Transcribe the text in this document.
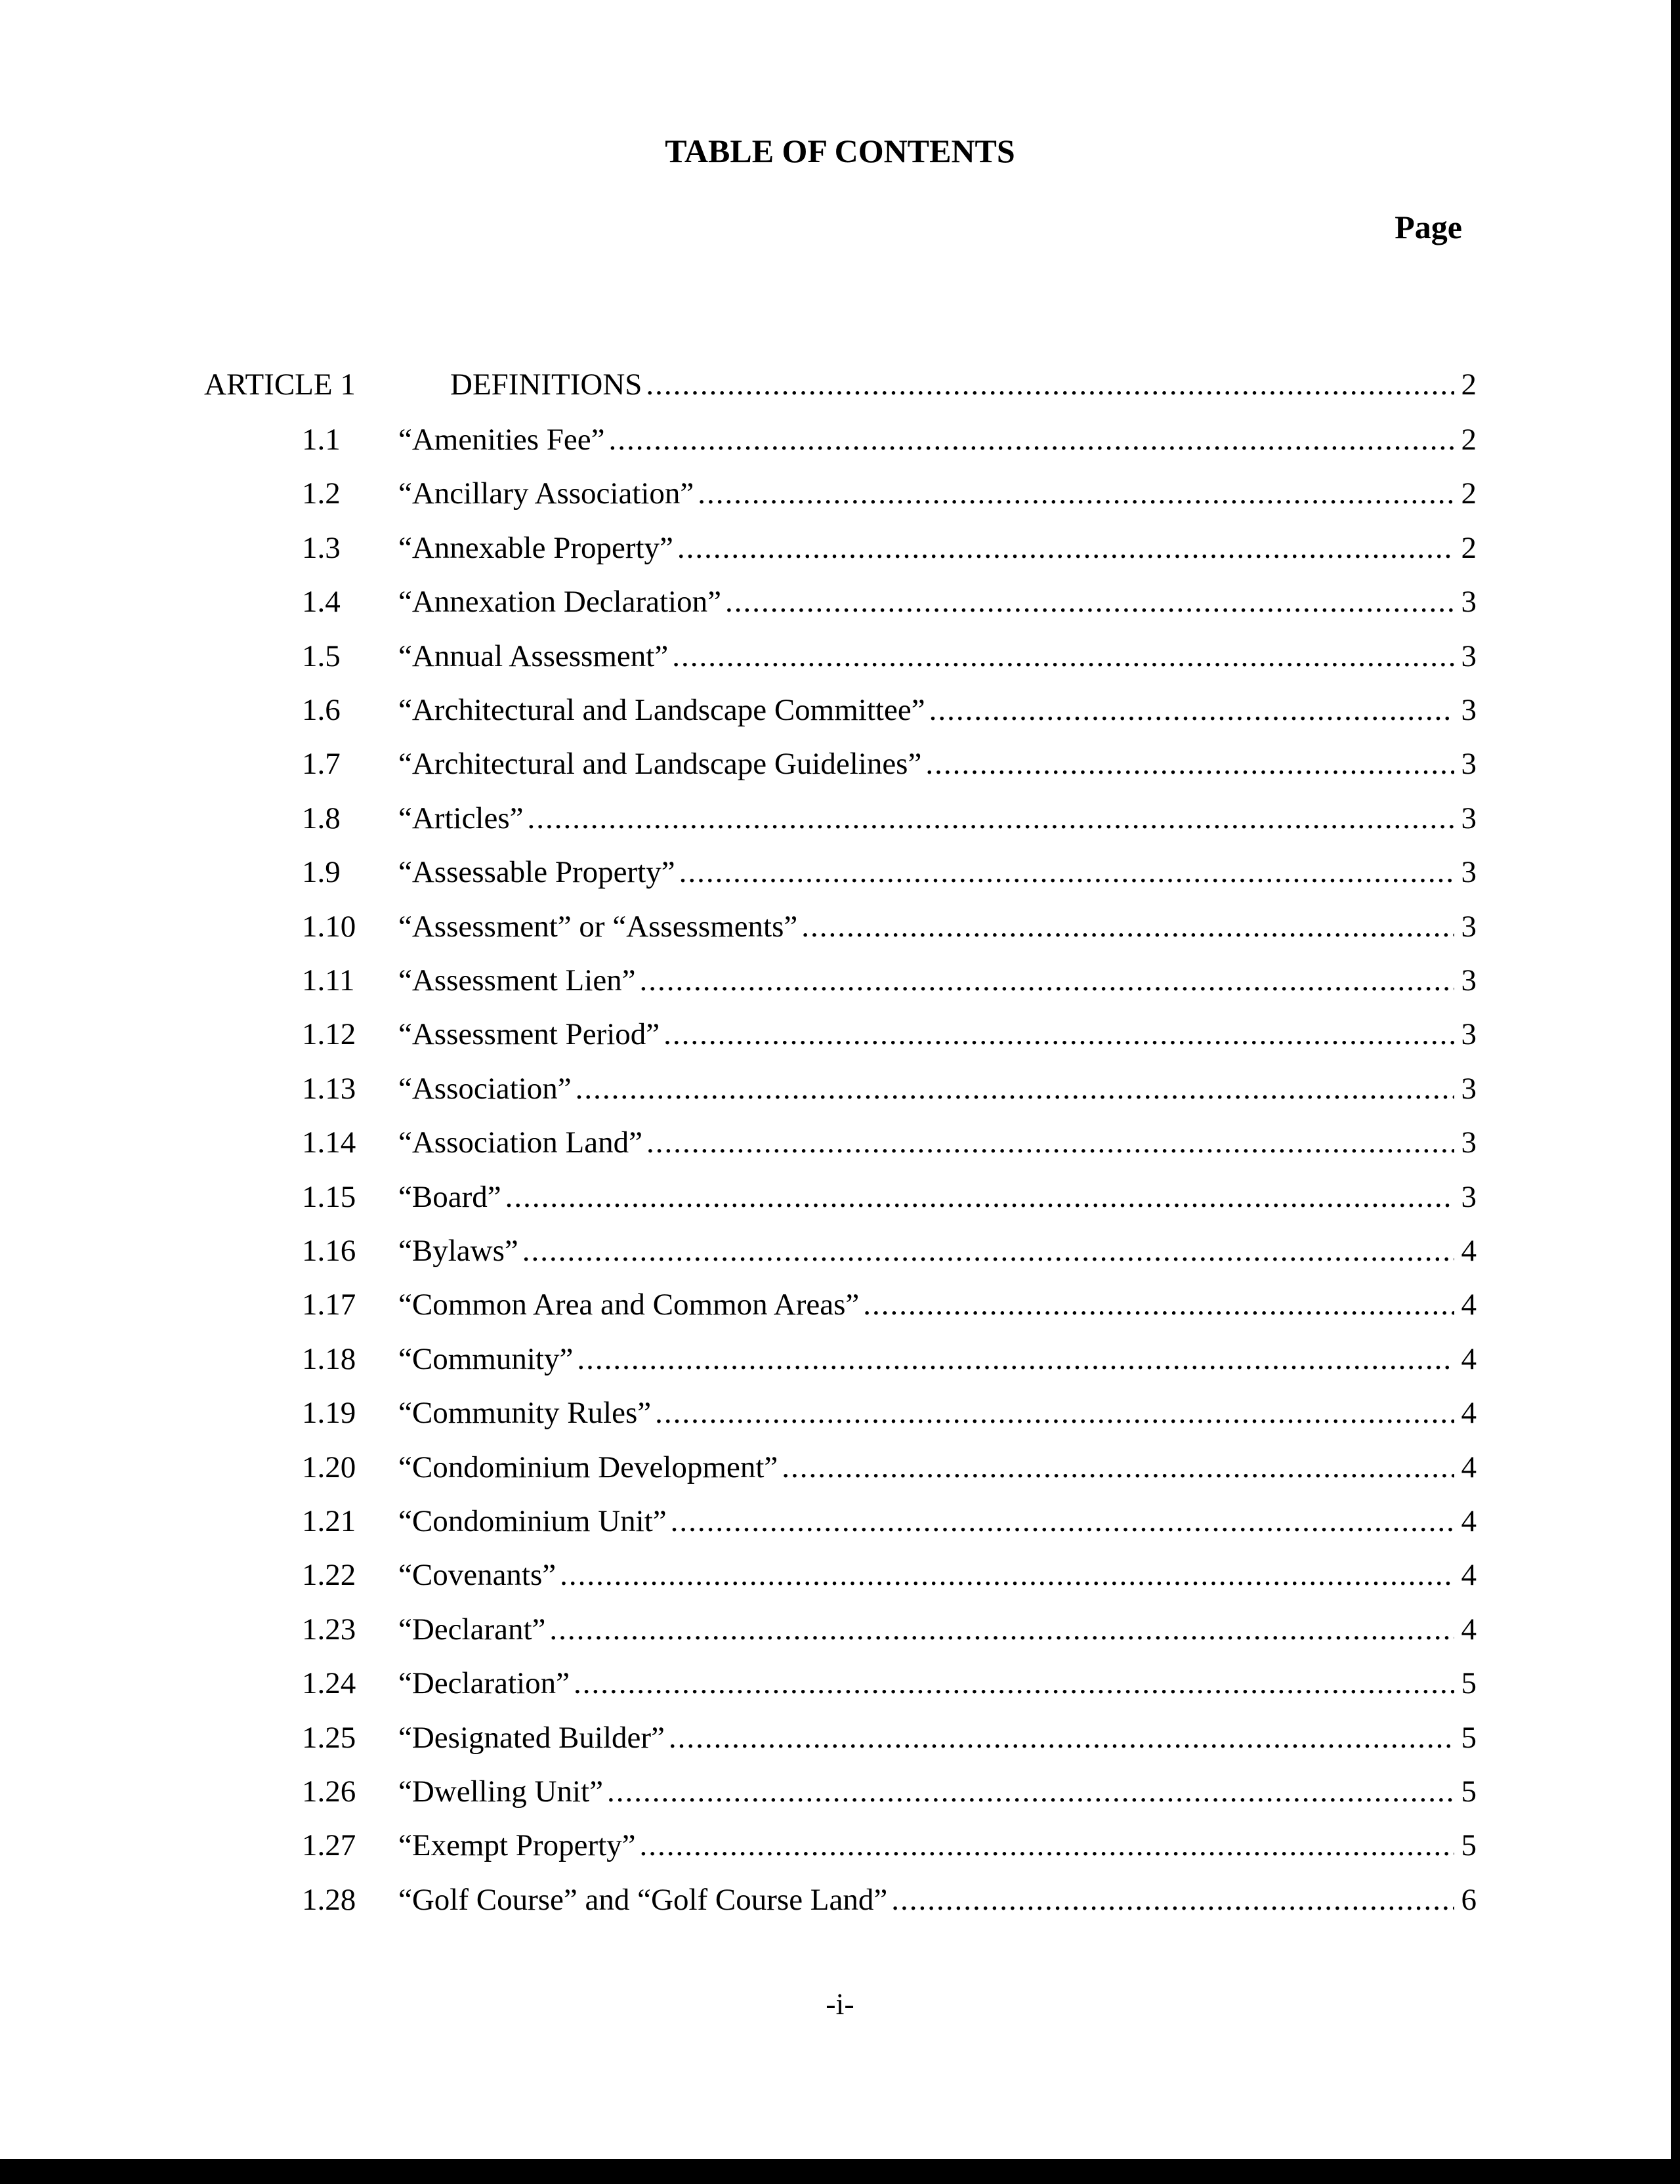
TABLE OF CONTENTS
Page
ARTICLE 1	DEFINITIONS .....	2
1.1 “Amenities Fee” .....	2
1.2 “Ancillary Association” .....	2
1.3 “Annexable Property” .....	2
1.4 “Annexation Declaration” .....	3
1.5 “Annual Assessment” .....	3
1.6 “Architectural and Landscape Committee” .....	3
1.7 “Architectural and Landscape Guidelines” .....	3
1.8 “Articles” .....	3
1.9 “Assessable Property” .....	3
1.10 “Assessment” or “Assessments” .....	3
1.11 “Assessment Lien” .....	3
1.12 “Assessment Period” .....	3
1.13 “Association” .....	3
1.14 “Association Land” .....	3
1.15 “Board” .....	3
1.16 “Bylaws” .....	4
1.17 “Common Area and Common Areas” .....	4
1.18 “Community” .....	4
1.19 “Community Rules” .....	4
1.20 “Condominium Development” .....	4
1.21 “Condominium Unit” .....	4
1.22 “Covenants” .....	4
1.23 “Declarant” .....	4
1.24 “Declaration” .....	5
1.25 “Designated Builder” .....	5
1.26 “Dwelling Unit” .....	5
1.27 “Exempt Property” .....	5
1.28 “Golf Course” and “Golf Course Land” .....	6
-i-
